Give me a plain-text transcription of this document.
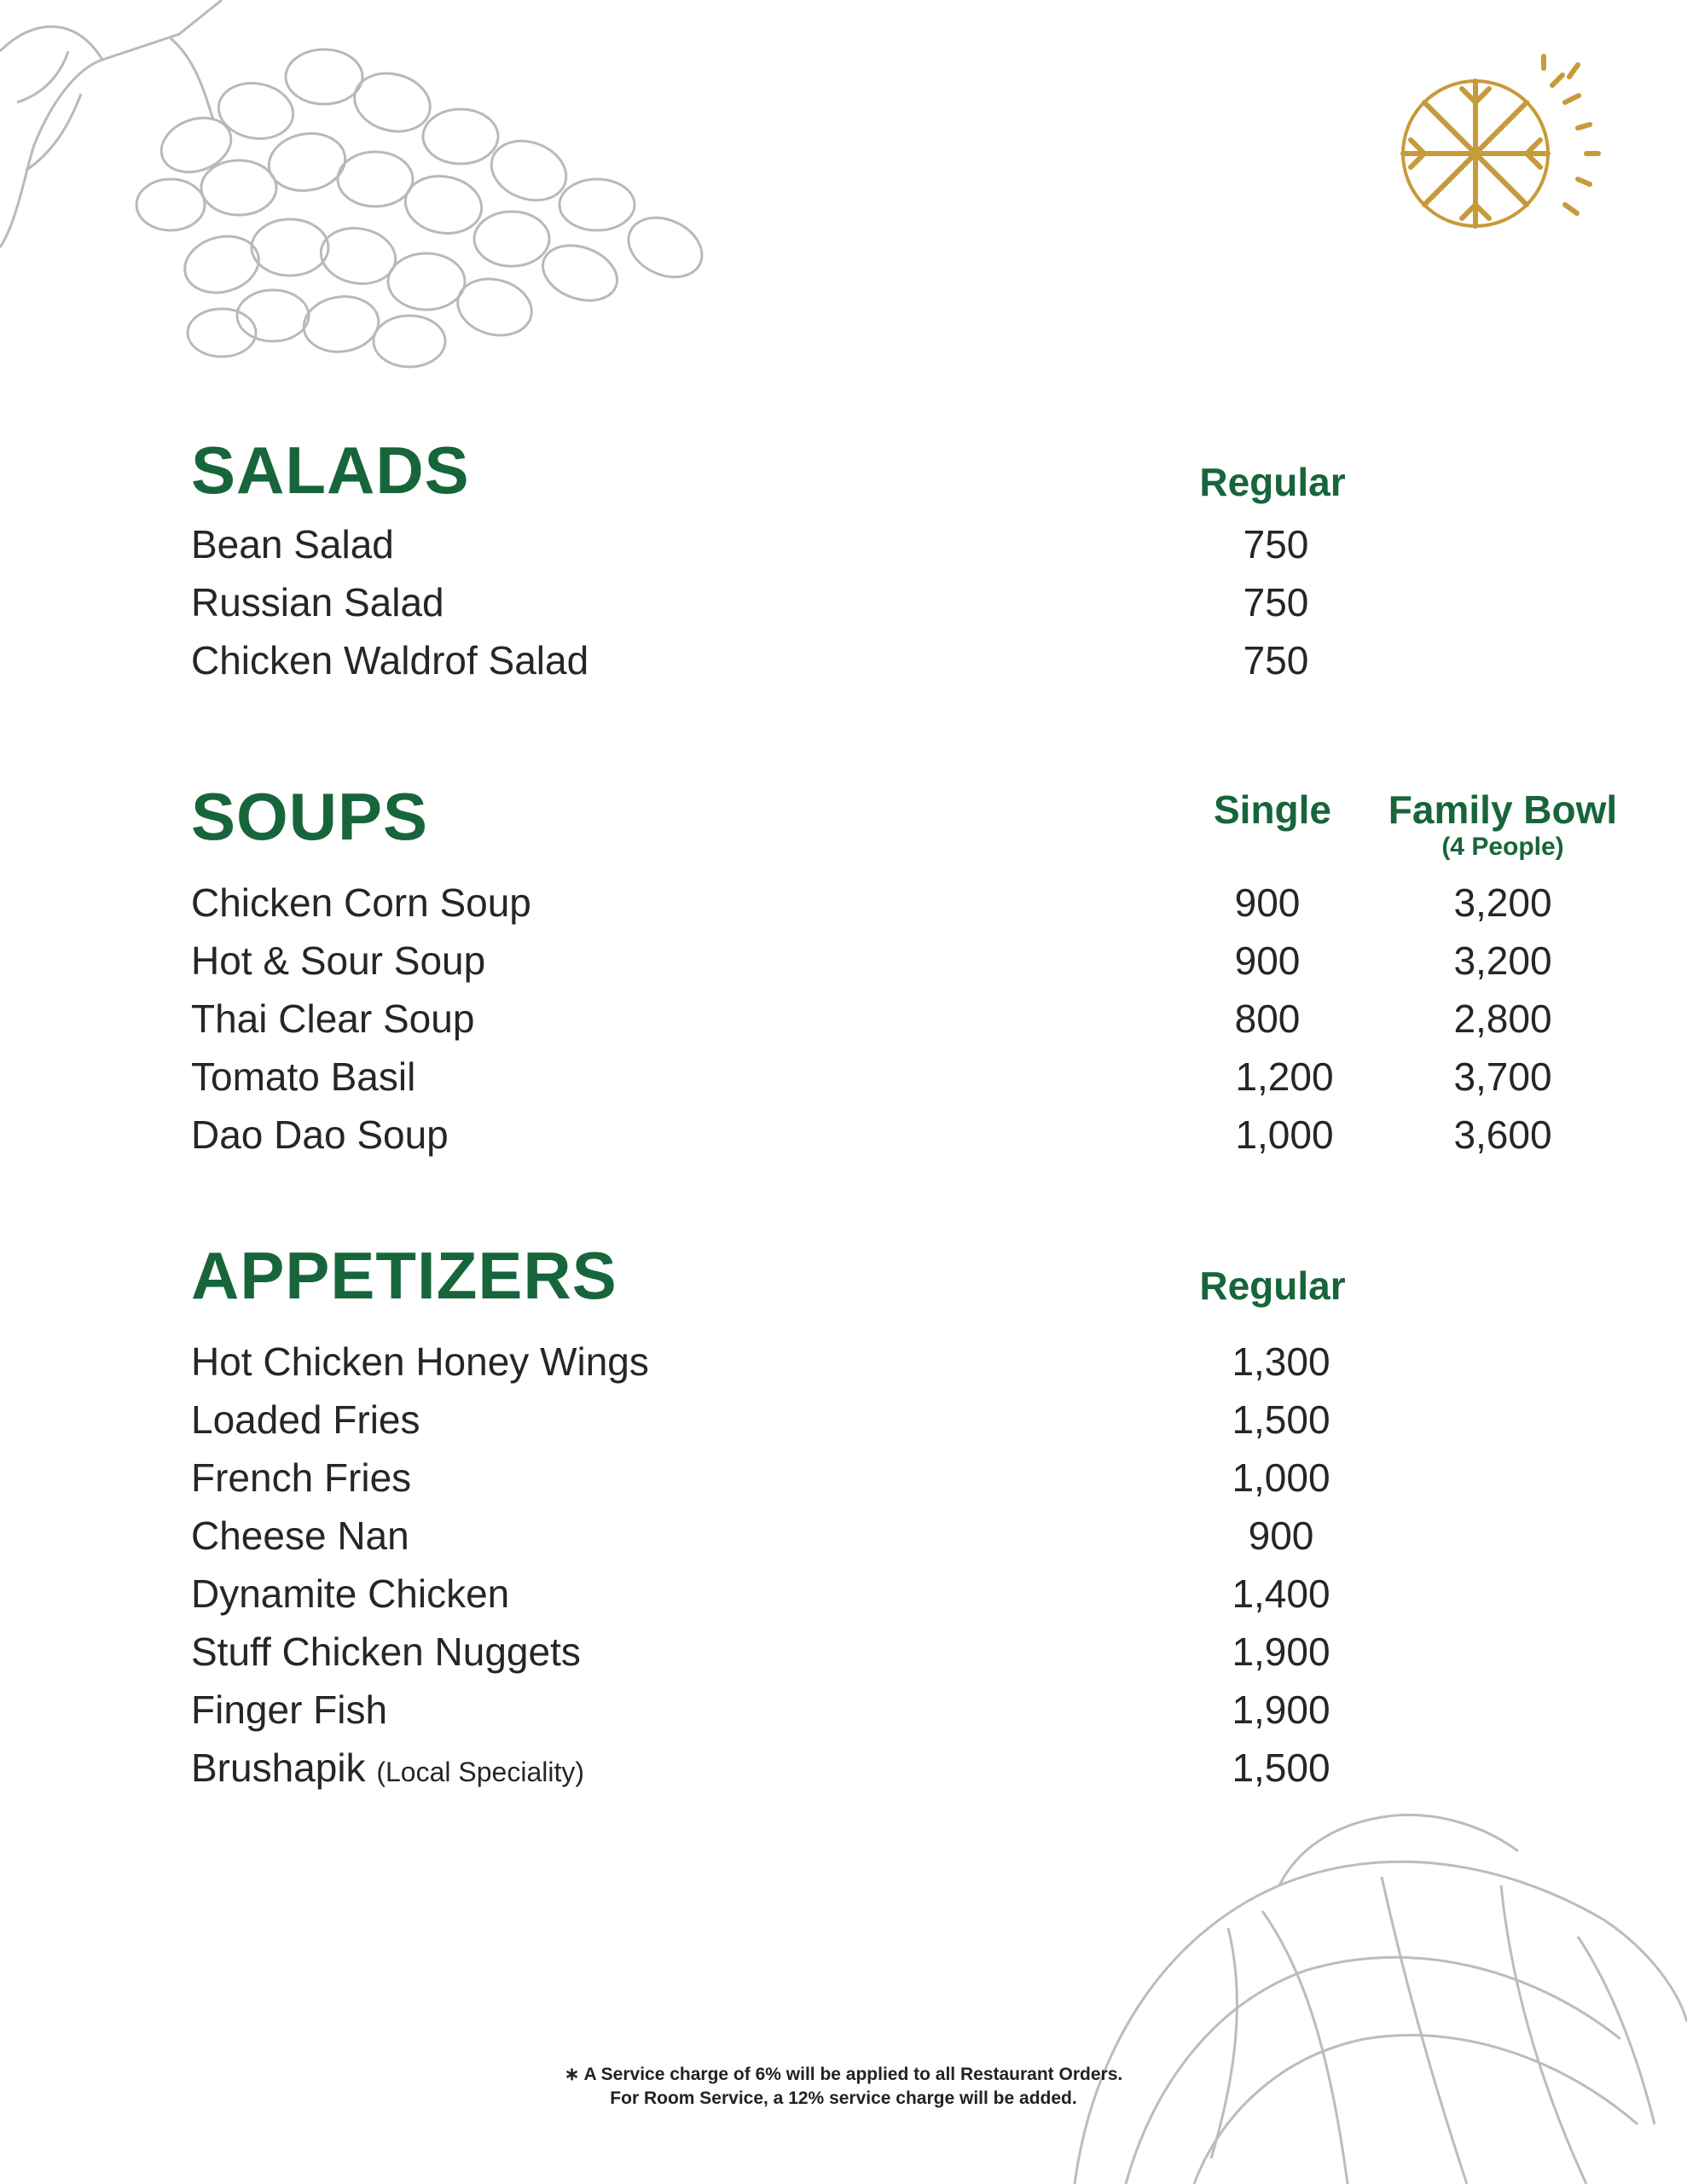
SALADS	Regular
Bean Salad	750
Russian Salad	750
Chicken Waldrof Salad	750
SOUPS	Single	Family Bowl
(4 People)
Chicken Corn Soup	900	3,200
Hot & Sour Soup	900	3,200
Thai Clear Soup	800	2,800
Tomato Basil	1,200	3,700
Dao Dao Soup	1,000	3,600
APPETIZERS	Regular
Hot Chicken Honey Wings	1,300
Loaded Fries	1,500
French Fries	1,000
Cheese Nan	900
Dynamite Chicken	1,400
Stuff Chicken Nuggets	1,900
Finger Fish	1,900
Brushapik (Local Speciality)	1,500
∗ A Service charge of 6% will be applied to all Restaurant Orders.
For Room Service, a 12% service charge will be added.
